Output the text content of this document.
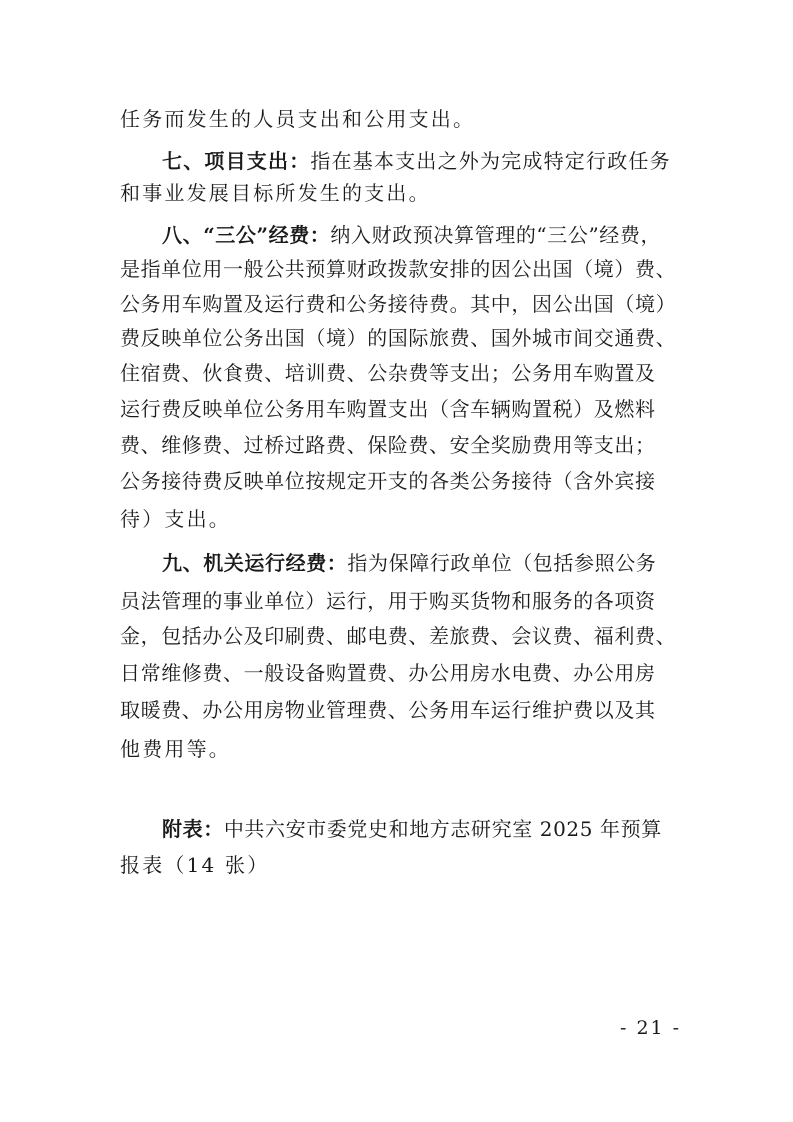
任务而发生的人员支出和公用支出。
七、项目支出：指在基本支出之外为完成特定行政任务
和事业发展目标所发生的支出。
八、“三公”经费：纳入财政预决算管理的“三公”经费，
是指单位用一般公共预算财政拨款安排的因公出国（境）费、
公务用车购置及运行费和公务接待费。其中，因公出国（境）
费反映单位公务出国（境）的国际旅费、国外城市间交通费、
住宿费、伙食费、培训费、公杂费等支出；公务用车购置及
运行费反映单位公务用车购置支出（含车辆购置税）及燃料
费、维修费、过桥过路费、保险费、安全奖励费用等支出；
公务接待费反映单位按规定开支的各类公务接待（含外宾接
待）支出。
九、机关运行经费：指为保障行政单位（包括参照公务
员法管理的事业单位）运行，用于购买货物和服务的各项资
金，包括办公及印刷费、邮电费、差旅费、会议费、福利费、
日常维修费、一般设备购置费、办公用房水电费、办公用房
取暖费、办公用房物业管理费、公务用车运行维护费以及其
他费用等。
附表：中共六安市委党史和地方志研究室 2025 年预算
报表（14 张）
- 21 -
